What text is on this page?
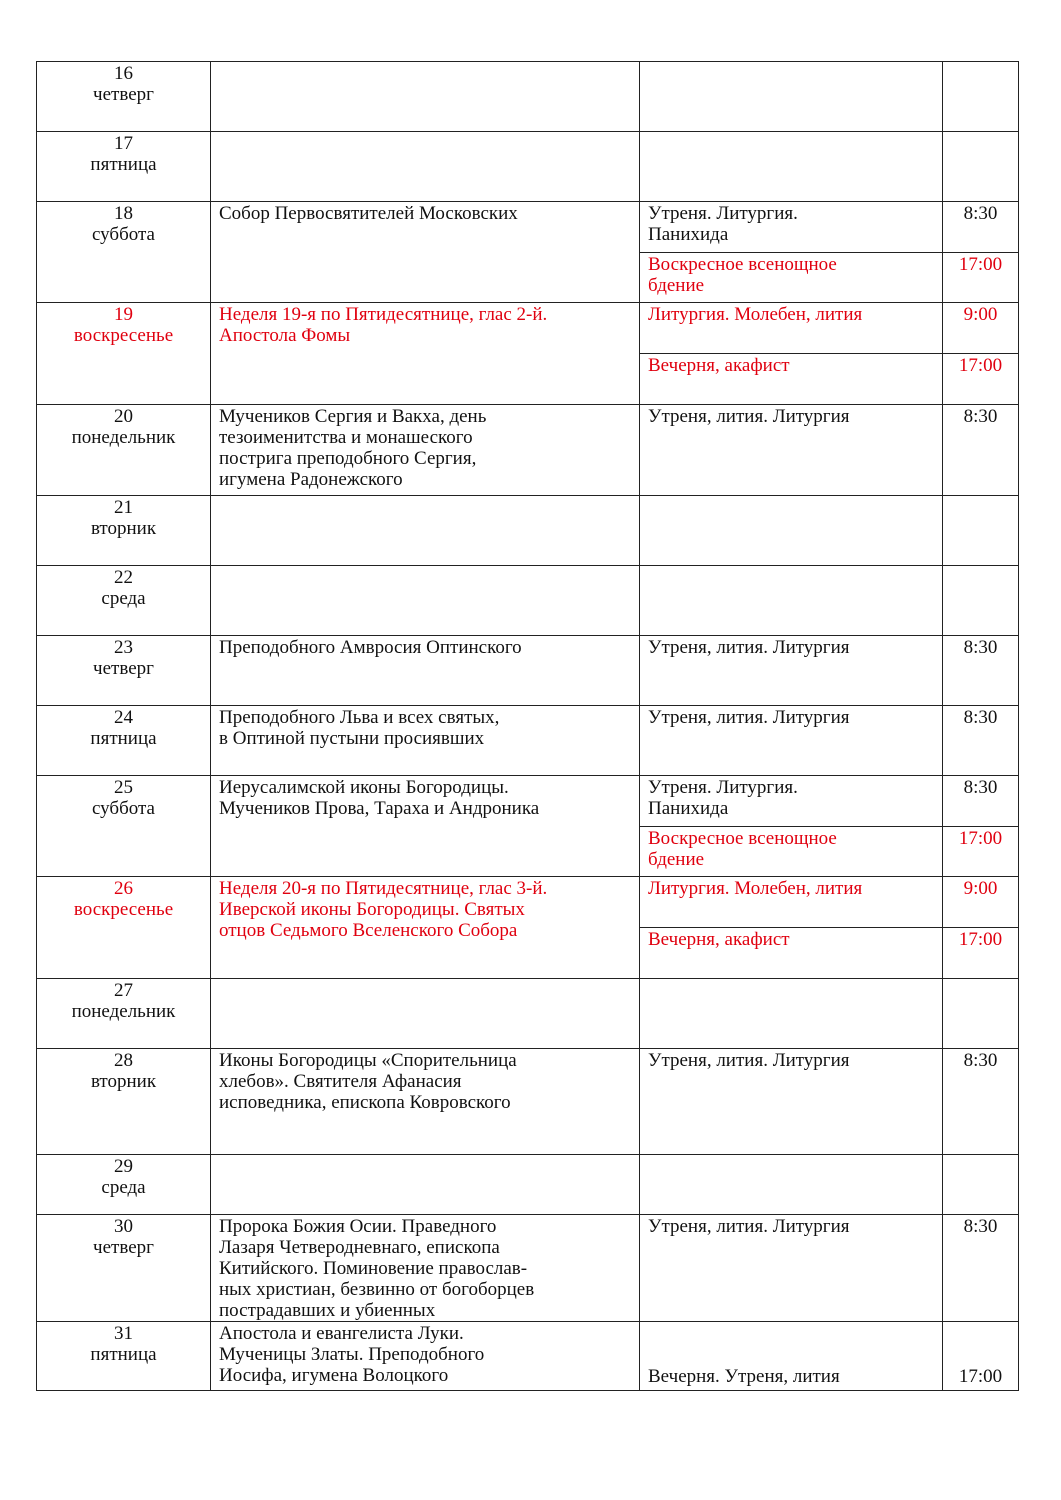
16
четверг			

17
пятница			

18
суббота	Собор Первосвятителей Московских	Утреня. Литургия.
Панихида	8:30

		Воскресное всенощное
бдение	17:00

19
воскресенье	Неделя 19-я по Пятидесятнице, глас 2-й.
Апостола Фомы	Литургия. Молебен, лития	9:00

		Вечерня, акафист	17:00

20
понедельник	Мучеников Сергия и Вакха, день
тезоименитства и монашеского
пострига преподобного Сергия,
игумена Радонежского	Утреня, лития. Литургия	8:30

21
вторник			

22
среда			

23
четверг	Преподобного Амвросия Оптинского	Утреня, лития. Литургия	8:30

24
пятница	Преподобного Льва и всех святых,
в Оптиной пустыни просиявших	Утреня, лития. Литургия	8:30

25
суббота	Иерусалимской иконы Богородицы.
Мучеников Прова, Тараха и Андроника	Утреня. Литургия.
Панихида	8:30

		Воскресное всенощное
бдение	17:00

26
воскресенье	Неделя 20-я по Пятидесятнице, глас 3-й.
Иверской иконы Богородицы. Святых
отцов Седьмого Вселенского Собора	Литургия. Молебен, лития	9:00

		Вечерня, акафист	17:00

27
понедельник			

28
вторник	Иконы Богородицы «Спорительница
хлебов». Святителя Афанасия
исповедника, епископа Ковровского	Утреня, лития. Литургия	8:30

29
среда			

30
четверг	Пророка Божия Осии. Праведного
Лазаря Четверодневнаго, епископа
Китийского. Поминовение православ-
ных христиан, безвинно от богоборцев
пострадавших и убиенных	Утреня, лития. Литургия	8:30

31
пятница	Апостола и евангелиста Луки.
Мученицы Златы. Преподобного
Иосифа, игумена Волоцкого	Вечерня. Утреня, лития	17:00
